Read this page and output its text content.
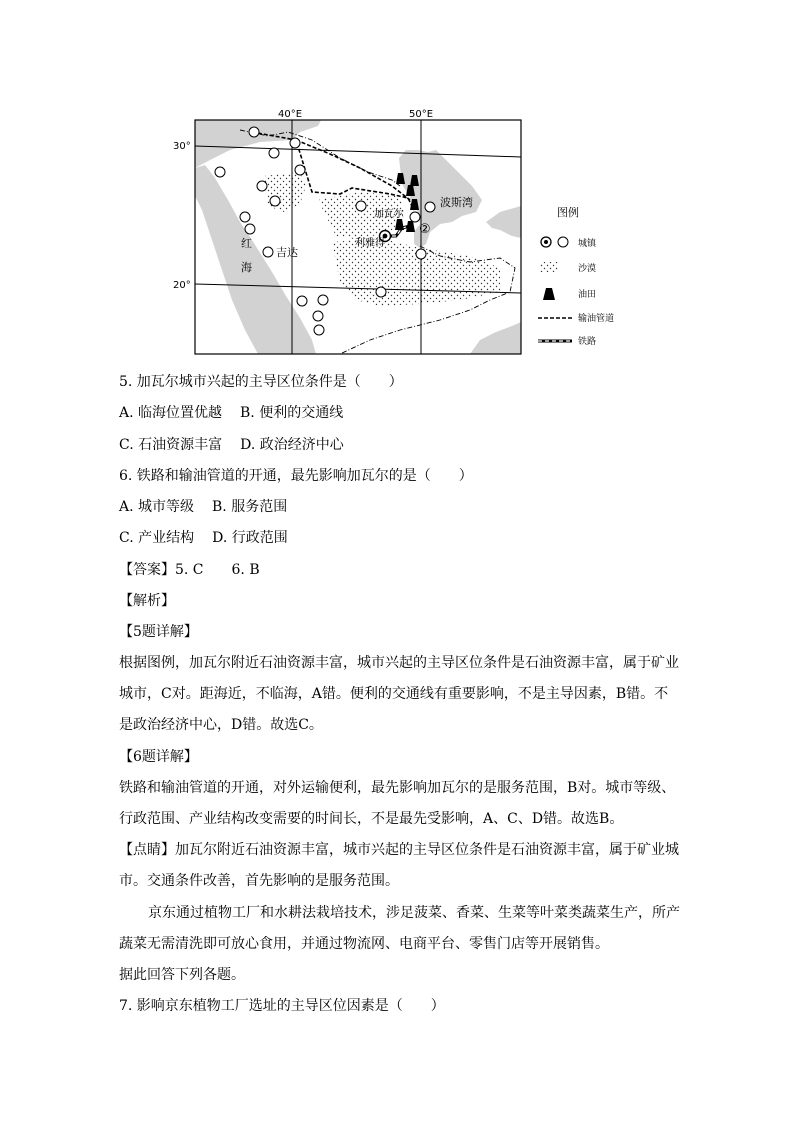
40°E	50°E
30°
20°
红
海
吉达
加瓦尔
利雅得
波斯湾
②
图例
城镇
沙漠
油田
输油管道
铁路
5. 加瓦尔城市兴起的主导区位条件是（　　）
A. 临海位置优越 B. 便利的交通线
C. 石油资源丰富 D. 政治经济中心
6. 铁路和输油管道的开通，最先影响加瓦尔的是（　　）
A. 城市等级 B. 服务范围
C. 产业结构 D. 行政范围
【答案】5. C　　6. B
【解析】
【5题详解】
根据图例，加瓦尔附近石油资源丰富，城市兴起的主导区位条件是石油资源丰富，属于矿业
城市，C对。距海近，不临海，A错。便利的交通线有重要影响，不是主导因素，B错。不
是政治经济中心，D错。故选C。
【6题详解】
铁路和输油管道的开通，对外运输便利，最先影响加瓦尔的是服务范围，B对。城市等级、
行政范围、产业结构改变需要的时间长，不是最先受影响，A、C、D错。故选B。
【点睛】加瓦尔附近石油资源丰富，城市兴起的主导区位条件是石油资源丰富，属于矿业城
市。交通条件改善，首先影响的是服务范围。
京东通过植物工厂和水耕法栽培技术，涉足菠菜、香菜、生菜等叶菜类蔬菜生产，所产
蔬菜无需清洗即可放心食用，并通过物流网、电商平台、零售门店等开展销售。
据此回答下列各题。
7. 影响京东植物工厂选址的主导区位因素是（　　）
